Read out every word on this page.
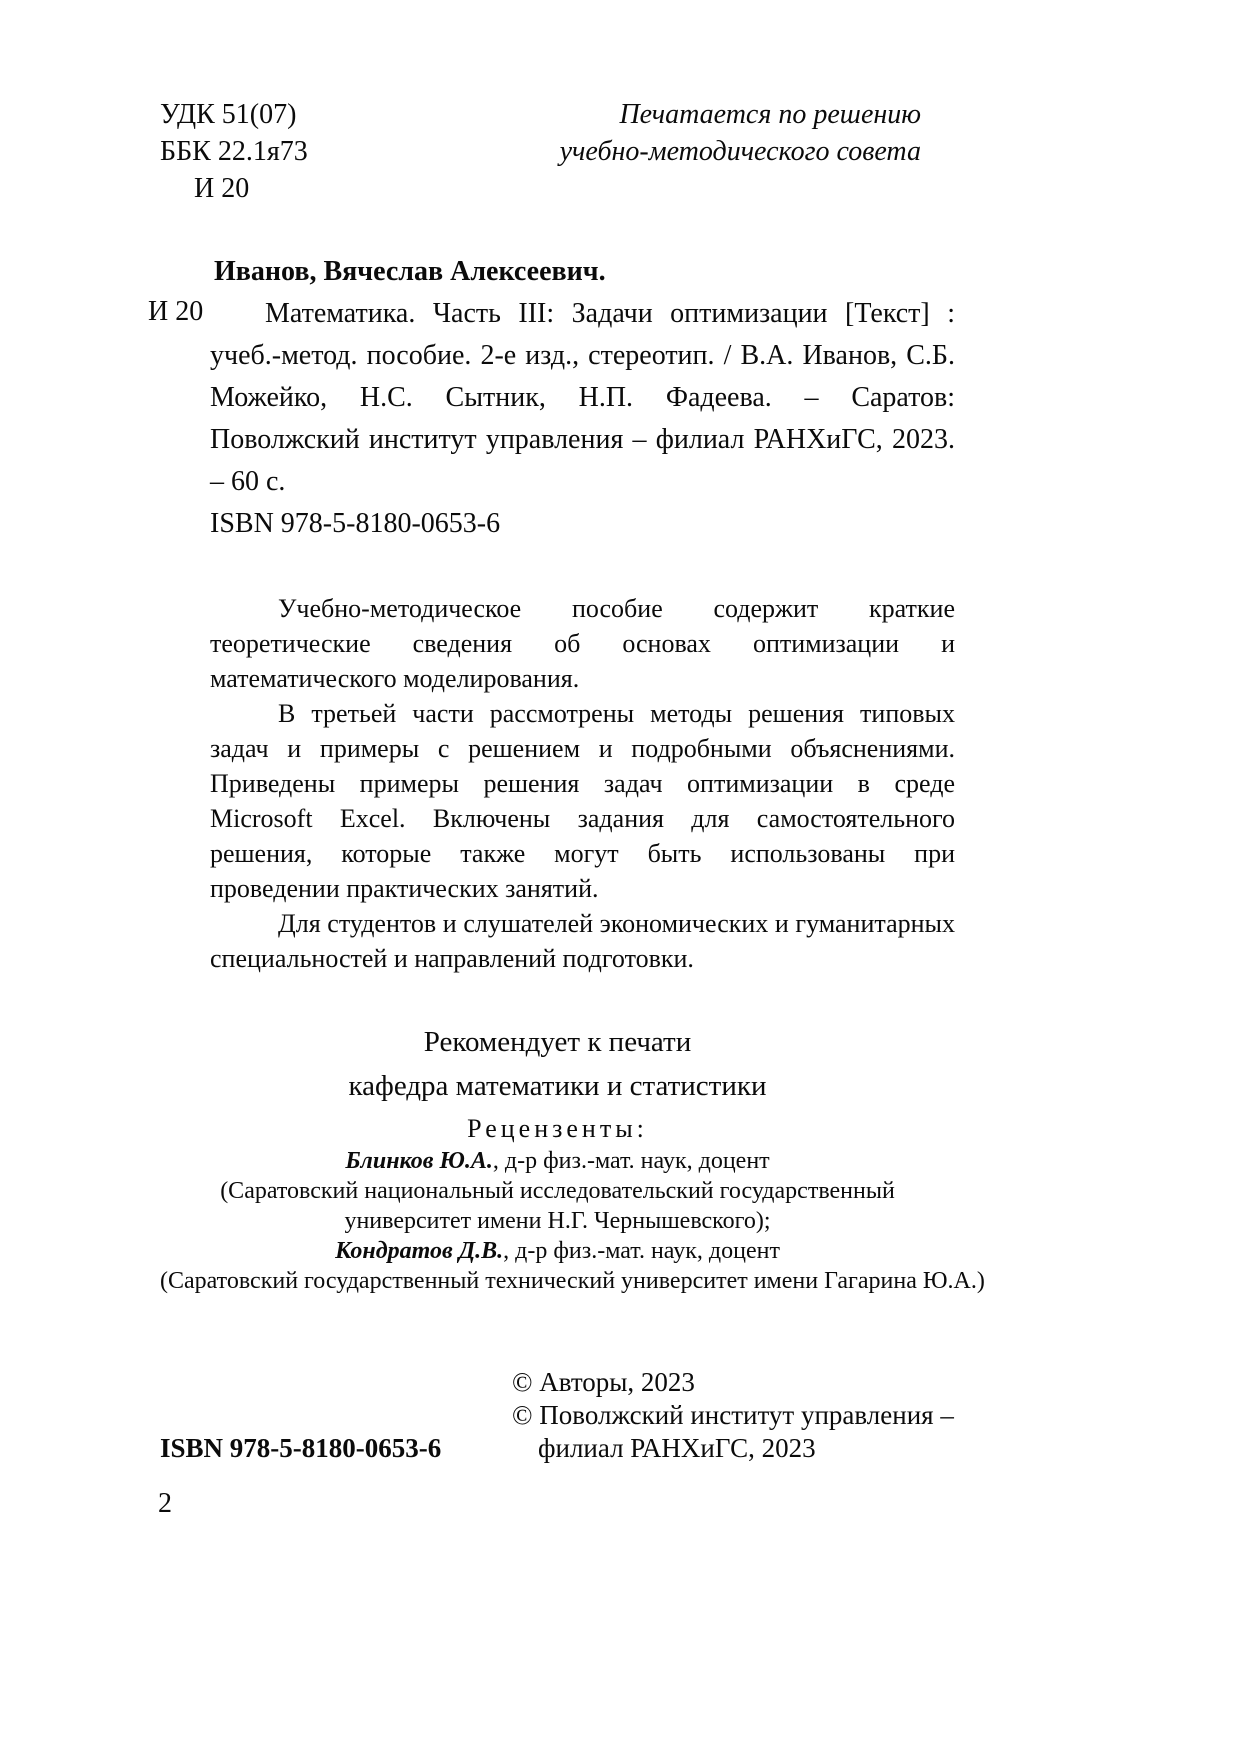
УДК 51(07)
ББК 22.1я73
И 20
Печатается по решению
учебно-методического совета
Иванов, Вячеслав Алексеевич.
И 20	Математика. Часть III: Задачи оптимизации [Текст] : учеб.-метод. пособие. 2-е изд., стереотип. / В.А. Иванов, С.Б. Можейко, Н.С. Сытник, Н.П. Фадеева. – Саратов: Поволжский институт управления – филиал РАНХиГС, 2023. – 60 с.

ISBN 978-5-8180-0653-6

Учебно-методическое пособие содержит краткие теоретические сведения об основах оптимизации и математического моделирования.

В третьей части рассмотрены методы решения типовых задач и примеры с решением и подробными объяснениями. Приведены примеры решения задач оптимизации в среде Microsoft Excel. Включены задания для самостоятельного решения, которые также могут быть использованы при проведении практических занятий.

Для студентов и слушателей экономических и гуманитарных специальностей и направлений подготовки.

Рекомендует к печати
кафедра математики и статистики
Рецензенты:
Блинков Ю.А., д-р физ.-мат. наук, доцент
(Саратовский национальный исследовательский государственный университет имени Н.Г. Чернышевского);
Кондратов Д.В., д-р физ.-мат. наук, доцент
(Саратовский государственный технический университет имени Гагарина Ю.А.)
ISBN 978-5-8180-0653-6
© Авторы, 2023
© Поволжский институт управления –
филиал РАНХиГС, 2023
2
